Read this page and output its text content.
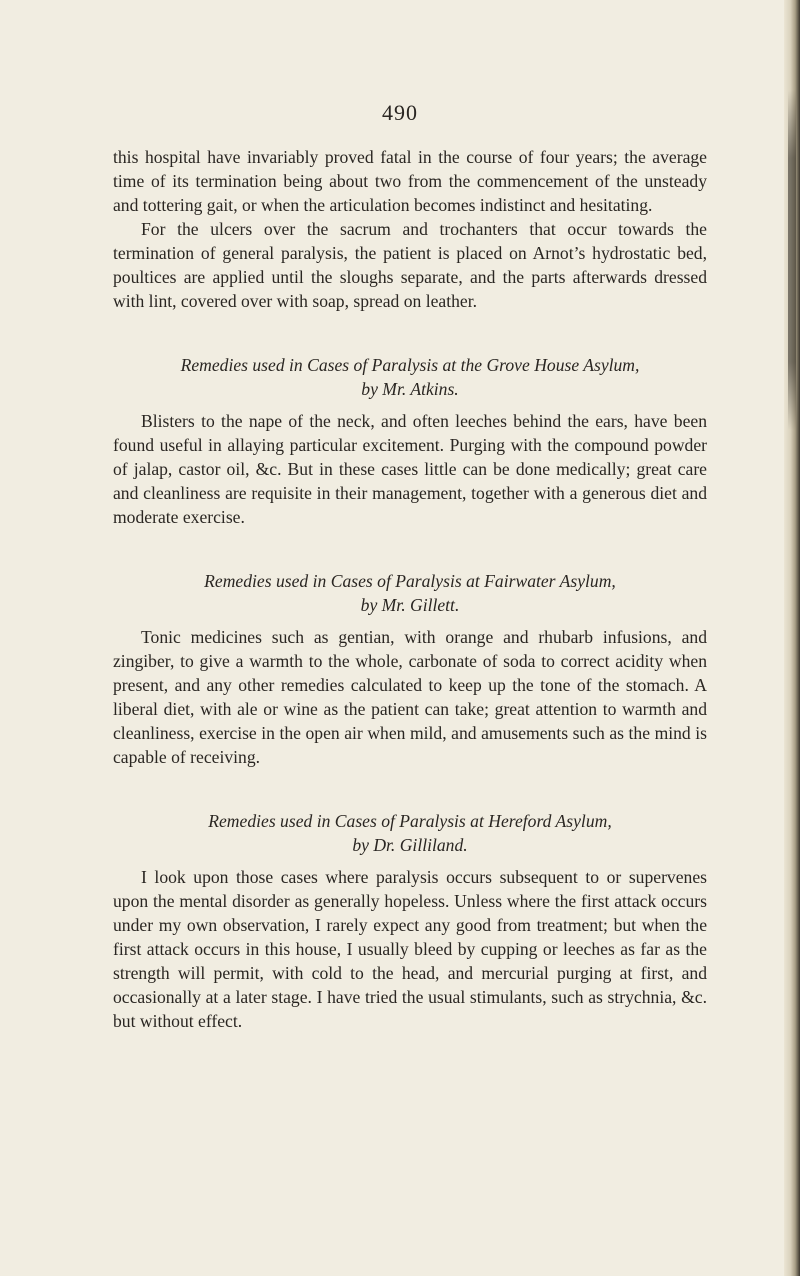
490

this hospital have invariably proved fatal in the course of four years; the average time of its termination being about two from the commencement of the unsteady and tottering gait, or when the articulation becomes indistinct and hesitating.

For the ulcers over the sacrum and trochanters that occur towards the termination of general paralysis, the patient is placed on Arnot’s hydrostatic bed, poultices are applied until the sloughs separate, and the parts afterwards dressed with lint, covered over with soap, spread on leather.

Remedies used in Cases of Paralysis at the Grove House Asylum,
by Mr. Atkins.

Blisters to the nape of the neck, and often leeches behind the ears, have been found useful in allaying particular excitement. Purging with the compound powder of jalap, castor oil, &c. But in these cases little can be done medically; great care and cleanliness are requisite in their management, together with a generous diet and moderate exercise.

Remedies used in Cases of Paralysis at Fairwater Asylum,
by Mr. Gillett.

Tonic medicines such as gentian, with orange and rhubarb infusions, and zingiber, to give a warmth to the whole, carbonate of soda to correct acidity when present, and any other remedies calculated to keep up the tone of the stomach. A liberal diet, with ale or wine as the patient can take; great attention to warmth and cleanliness, exercise in the open air when mild, and amusements such as the mind is capable of receiving.

Remedies used in Cases of Paralysis at Hereford Asylum,
by Dr. Gilliland.

I look upon those cases where paralysis occurs subsequent to or supervenes upon the mental disorder as generally hopeless. Unless where the first attack occurs under my own observation, I rarely expect any good from treatment; but when the first attack occurs in this house, I usually bleed by cupping or leeches as far as the strength will permit, with cold to the head, and mercurial purging at first, and occasionally at a later stage. I have tried the usual stimulants, such as strychnia, &c. but without effect.
